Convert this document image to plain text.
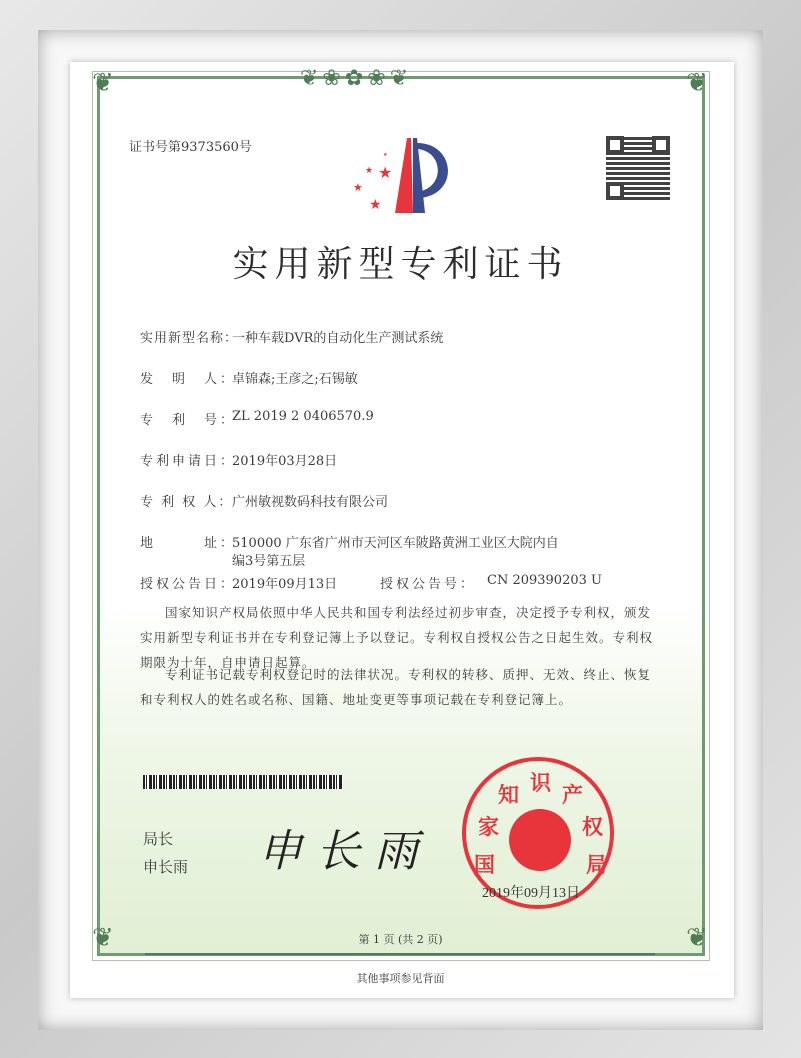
❦❀✿❀❦
❦	❦
❦	❦
证书号第9373560号
★
★
★
★
★
实用新型专利证书
实用新型名称：
一种车载DVR的自动化生产测试系统
发　明　人：
卓锦森;王彦之;石锡敏
专　利　号：
ZL 2019 2 0406570.9
专利申请日：
2019年03月28日
专 利 权 人：
广州敏视数码科技有限公司
地　　　址：
510000 广东省广州市天河区车陂路黄洲工业区大院内自
编3号第五层
授权公告日：
2019年09月13日	授权公告号： CN 209390203 U
国家知识产权局依照中华人民共和国专利法经过初步审查，决定授予专利权，颁发实用新型专利证书并在专利登记簿上予以登记。专利权自授权公告之日起生效。专利权期限为十年，自申请日起算。
专利证书记载专利权登记时的法律状况。专利权的转移、质押、无效、终止、恢复和专利权人的姓名或名称、国籍、地址变更等事项记载在专利登记簿上。
局长
申长雨 申长雨 国
家
知 识 产
权
局
2019年09月13日
第 1 页 (共 2 页)
其他事项参见背面
